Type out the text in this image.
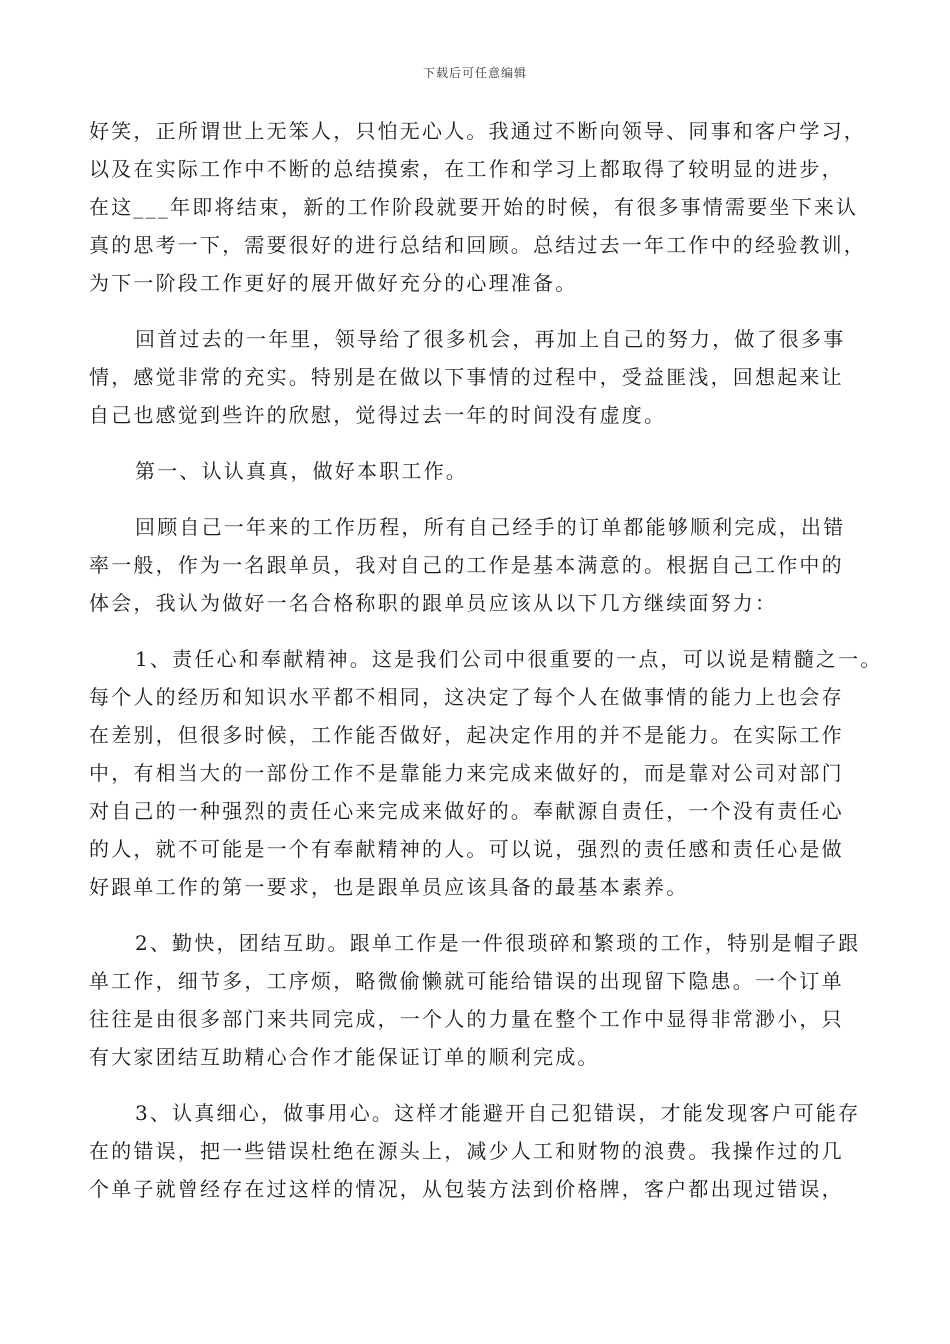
下载后可任意编辑

好笑，正所谓世上无笨人，只怕无心人。我通过不断向领导、同事和客户学习，
以及在实际工作中不断的总结摸索，在工作和学习上都取得了较明显的进步，
在这___年即将结束，新的工作阶段就要开始的时候，有很多事情需要坐下来认
真的思考一下，需要很好的进行总结和回顾。总结过去一年工作中的经验教训，
为下一阶段工作更好的展开做好充分的心理准备。

回首过去的一年里，领导给了很多机会，再加上自己的努力，做了很多事
情，感觉非常的充实。特别是在做以下事情的过程中，受益匪浅，回想起来让
自己也感觉到些许的欣慰，觉得过去一年的时间没有虚度。

第一、认认真真，做好本职工作。

回顾自己一年来的工作历程，所有自己经手的订单都能够顺利完成，出错
率一般，作为一名跟单员，我对自己的工作是基本满意的。根据自己工作中的
体会，我认为做好一名合格称职的跟单员应该从以下几方继续面努力：

1、责任心和奉献精神。这是我们公司中很重要的一点，可以说是精髓之一。
每个人的经历和知识水平都不相同，这决定了每个人在做事情的能力上也会存
在差别，但很多时候，工作能否做好，起决定作用的并不是能力。在实际工作
中，有相当大的一部份工作不是靠能力来完成来做好的，而是靠对公司对部门
对自己的一种强烈的责任心来完成来做好的。奉献源自责任，一个没有责任心
的人，就不可能是一个有奉献精神的人。可以说，强烈的责任感和责任心是做
好跟单工作的第一要求，也是跟单员应该具备的最基本素养。

2、勤快，团结互助。跟单工作是一件很琐碎和繁琐的工作，特别是帽子跟
单工作，细节多，工序烦，略微偷懒就可能给错误的出现留下隐患。一个订单
往往是由很多部门来共同完成，一个人的力量在整个工作中显得非常渺小，只
有大家团结互助精心合作才能保证订单的顺利完成。

3、认真细心，做事用心。这样才能避开自己犯错误，才能发现客户可能存
在的错误，把一些错误杜绝在源头上，减少人工和财物的浪费。我操作过的几
个单子就曾经存在过这样的情况，从包装方法到价格牌，客户都出现过错误，
